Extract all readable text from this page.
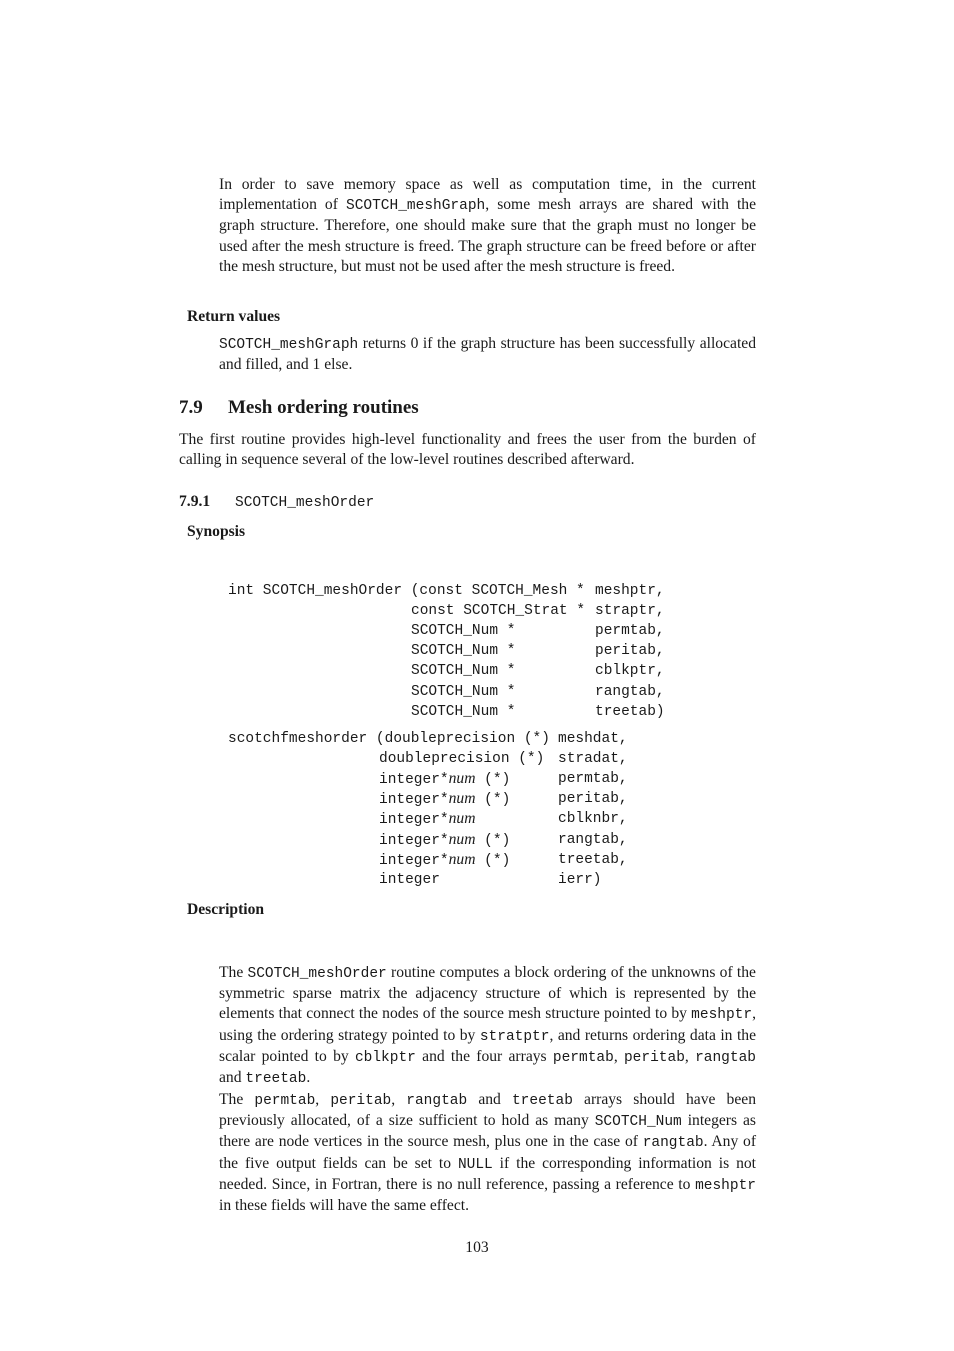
In order to save memory space as well as computation time, in the current implementation of SCOTCH_meshGraph, some mesh arrays are shared with the graph structure. Therefore, one should make sure that the graph must no longer be used after the mesh structure is freed. The graph structure can be freed before or after the mesh structure, but must not be used after the mesh structure is freed.
Return values
SCOTCH_meshGraph returns 0 if the graph structure has been successfully allocated and filled, and 1 else.
7.9 Mesh ordering routines
The first routine provides high-level functionality and frees the user from the burden of calling in sequence several of the low-level routines described afterward.
7.9.1 SCOTCH_meshOrder
Synopsis

int SCOTCH_meshOrder (const SCOTCH_Mesh *

meshptr,

const SCOTCH_Strat *

straptr,

SCOTCH_Num *

	permtab,

SCOTCH_Num *

	peritab,

SCOTCH_Num *

	cblkptr,

SCOTCH_Num *

	rangtab,

SCOTCH_Num *

	treetab)

scotchfmeshorder (doubleprecision (*)

meshdat,

doubleprecision (*)

stradat,

integer*num (*)

	permtab,

integer*num (*)

	peritab,

integer*num

	cblknbr,

integer*num (*)

	rangtab,

integer*num (*)

	treetab,

integer

	ierr)

Description
The SCOTCH_meshOrder routine computes a block ordering of the unknowns of the symmetric sparse matrix the adjacency structure of which is represented by the elements that connect the nodes of the source mesh structure pointed to by meshptr, using the ordering strategy pointed to by stratptr, and returns ordering data in the scalar pointed to by cblkptr and the four arrays permtab, peritab, rangtab and treetab.
The permtab, peritab, rangtab and treetab arrays should have been previously allocated, of a size sufficient to hold as many SCOTCH_Num integers as there are node vertices in the source mesh, plus one in the case of rangtab. Any of the five output fields can be set to NULL if the corresponding information is not needed. Since, in Fortran, there is no null reference, passing a reference to meshptr in these fields will have the same effect.
103
